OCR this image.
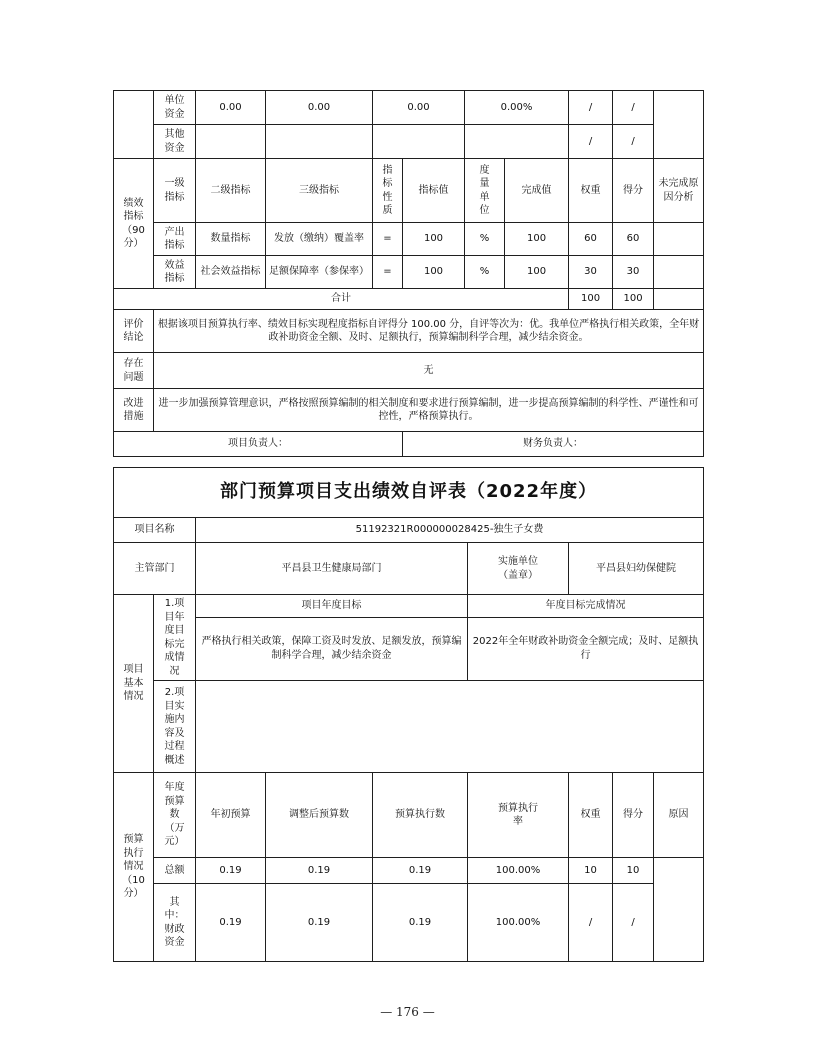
	单位资金	0.00	0.00	0.00		0.00%		/	/	
	其他资金							/	/	
绩效指标（90分）	一级指标	二级指标	三级指标	指标性质	指标值	度量单位	完成值	权重	得分	未完成原因分析
	产出指标	数量指标	发放（缴纳）覆盖率	=	100	%	100	60	60	
	效益指标	社会效益指标	足额保障率（参保率）	=	100	%	100	30	30	
合计								100	100	
评价结论	根据该项目预算执行率、绩效目标实现程度指标自评得分 100.00 分，自评等次为：优。我单位严格执行相关政策，全年财政补助资金全额、及时、足额执行，预算编制科学合理，减少结余资金。									
存在问题	无									
改进措施	进一步加强预算管理意识，严格按照预算编制的相关制度和要求进行预算编制，进一步提高预算编制的科学性、严谨性和可控性，严格预算执行。									
项目负责人：					财务负责人：					
部门预算项目支出绩效自评表（2022年度）								
项目名称		51192321R000000028425-独生子女费						
主管部门		平昌县卫生健康局部门			实施单位（盖章）	平昌县妇幼保健院		
项目基本情况	1.项目年度目标完成情况	项目年度目标			年度目标完成情况			
		严格执行相关政策，保障工资及时发放、足额发放，预算编制科学合理，减少结余资金			2022年全年财政补助资金全额完成；及时、足额执行			
	2.项目实施内容及过程概述							
预算执行情况（10分）	年度预算数（万元）	年初预算	调整后预算数	预算执行数	预算执行率	权重	得分	原因
	总额	0.19	0.19	0.19	100.00%	10	10	
	其中：财政资金	0.19	0.19	0.19	100.00%	/	/	
— 176 —
